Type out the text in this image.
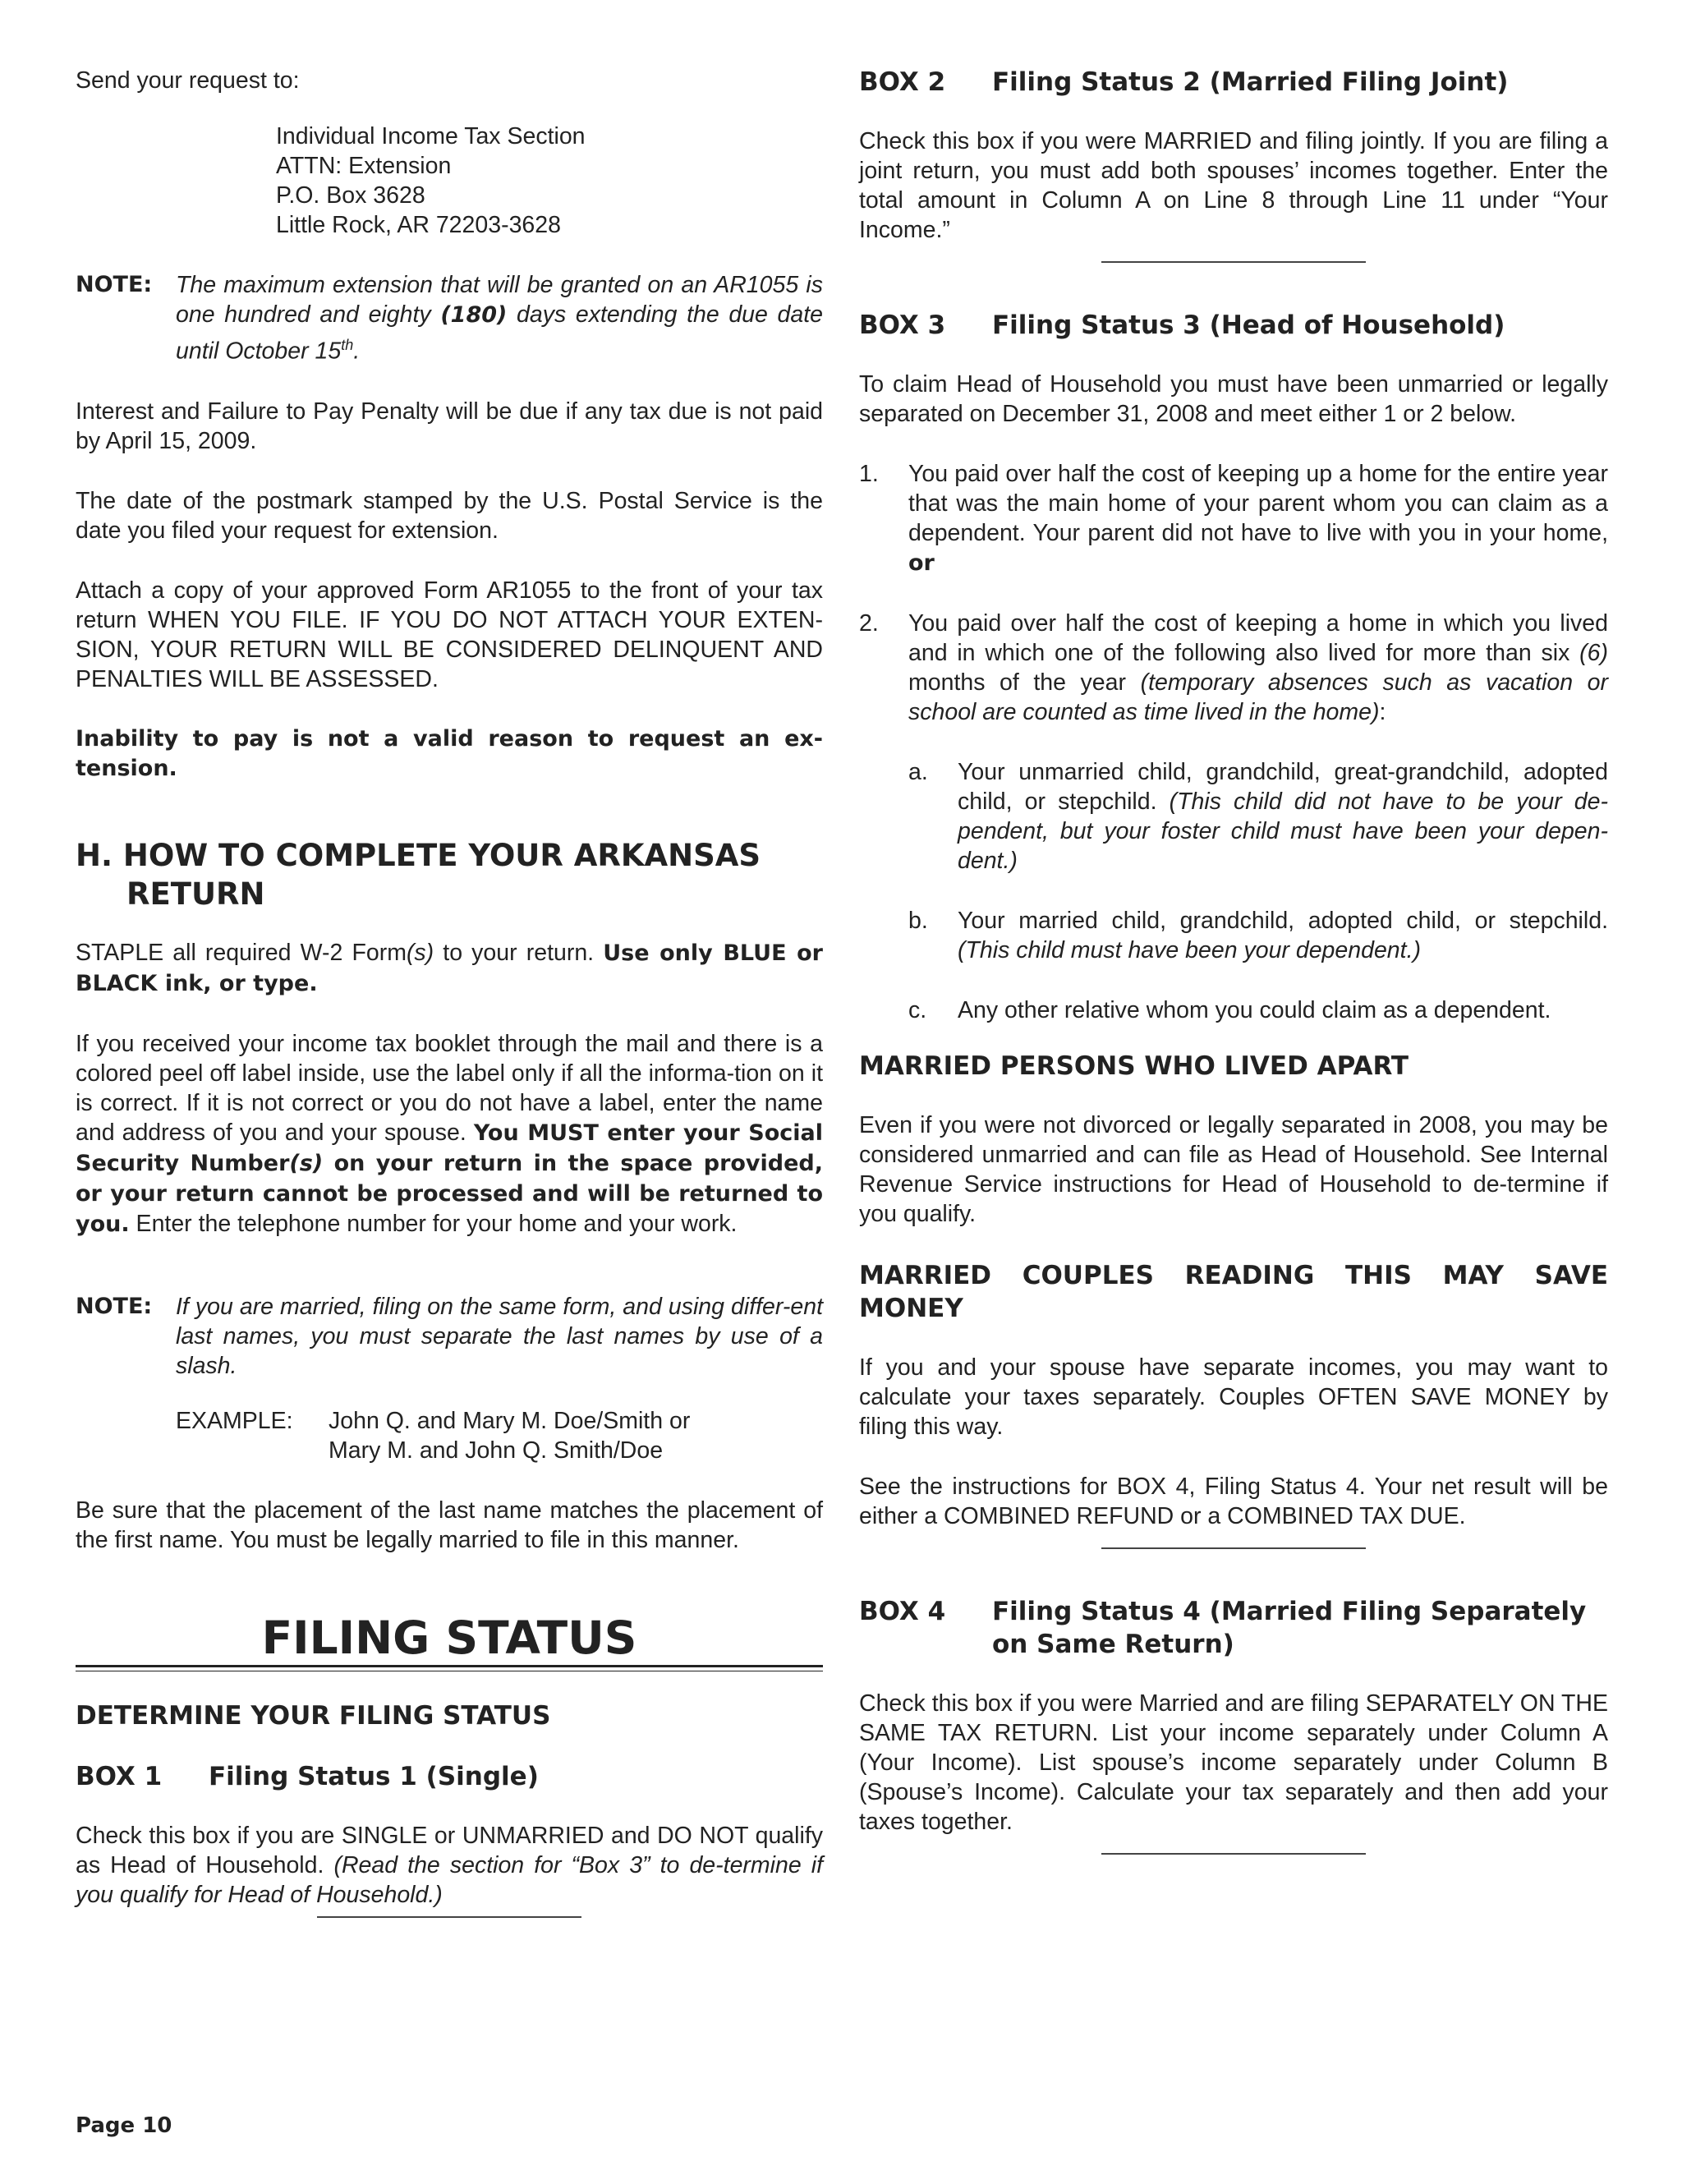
Send your request to:

Individual Income Tax Section
ATTN: Extension
P.O. Box 3628
Little Rock, AR 72203-3628
NOTE:	The maximum extension that will be granted on an AR1055 is one hundred and eighty (180) days extending the due date until October 15th.

Interest and Failure to Pay Penalty will be due if any tax due is not paid by April 15, 2009.

The date of the postmark stamped by the U.S. Postal Service is the date you filed your request for extension.

Attach a copy of your approved Form AR1055 to the front of your tax return WHEN YOU FILE. IF YOU DO NOT ATTACH YOUR EXTEN-SION, YOUR RETURN WILL BE CONSIDERED DELINQUENT AND PENALTIES WILL BE ASSESSED.

Inability to pay is not a valid reason to request an ex-tension.

H. HOW TO COMPLETE YOUR ARKANSAS RETURN

STAPLE all required W-2 Form(s) to your return. Use only BLUE or BLACK ink, or type.

If you received your income tax booklet through the mail and there is a colored peel off label inside, use the label only if all the informa-tion on it is correct. If it is not correct or you do not have a label, enter the name and address of you and your spouse. You MUST enter your Social Security Number(s) on your return in the space provided, or your return cannot be processed and will be returned to you. Enter the telephone number for your home and your work.

NOTE:	If you are married, filing on the same form, and using differ-ent last names, you must separate the last names by use of a slash.
EXAMPLE:	John Q. and Mary M. Doe/Smith or
Mary M. and John Q. Smith/Doe

Be sure that the placement of the last name matches the placement of the first name. You must be legally married to file in this manner.

FILING STATUS
DETERMINE YOUR FILING STATUS
BOX 1	Filing Status 1 (Single)

Check this box if you are SINGLE or UNMARRIED and DO NOT qualify as Head of Household. (Read the section for “Box 3” to de-termine if you qualify for Head of Household.)

BOX 2	Filing Status 2 (Married Filing Joint)

Check this box if you were MARRIED and filing jointly. If you are filing a joint return, you must add both spouses’ incomes together. Enter the total amount in Column A on Line 8 through Line 11 under “Your Income.”

BOX 3	Filing Status 3 (Head of Household)

To claim Head of Household you must have been unmarried or legally separated on December 31, 2008 and meet either 1 or 2 below.

1.	You paid over half the cost of keeping up a home for the entire year that was the main home of your parent whom you can claim as a dependent. Your parent did not have to live with you in your home, or
2.	You paid over half the cost of keeping a home in which you lived and in which one of the following also lived for more than six (6) months of the year (temporary absences such as vacation or school are counted as time lived in the home):
a.	Your unmarried child, grandchild, great-grandchild, adopted child, or stepchild. (This child did not have to be your de-pendent, but your foster child must have been your depen-dent.)
b.	Your married child, grandchild, adopted child, or stepchild. (This child must have been your dependent.)
c.	Any other relative whom you could claim as a dependent.
MARRIED PERSONS WHO LIVED APART

Even if you were not divorced or legally separated in 2008, you may be considered unmarried and can file as Head of Household. See Internal Revenue Service instructions for Head of Household to de-termine if you qualify.

MARRIED COUPLES READING THIS MAY SAVE MONEY

If you and your spouse have separate incomes, you may want to calculate your taxes separately. Couples OFTEN SAVE MONEY by filing this way.

See the instructions for BOX 4, Filing Status 4. Your net result will be either a COMBINED REFUND or a COMBINED TAX DUE.

BOX 4	Filing Status 4 (Married Filing Separately on Same Return)

Check this box if you were Married and are filing SEPARATELY ON THE SAME TAX RETURN. List your income separately under Column A (Your Income). List spouse’s income separately under Column B (Spouse’s Income). Calculate your tax separately and then add your taxes together.

Page 10
